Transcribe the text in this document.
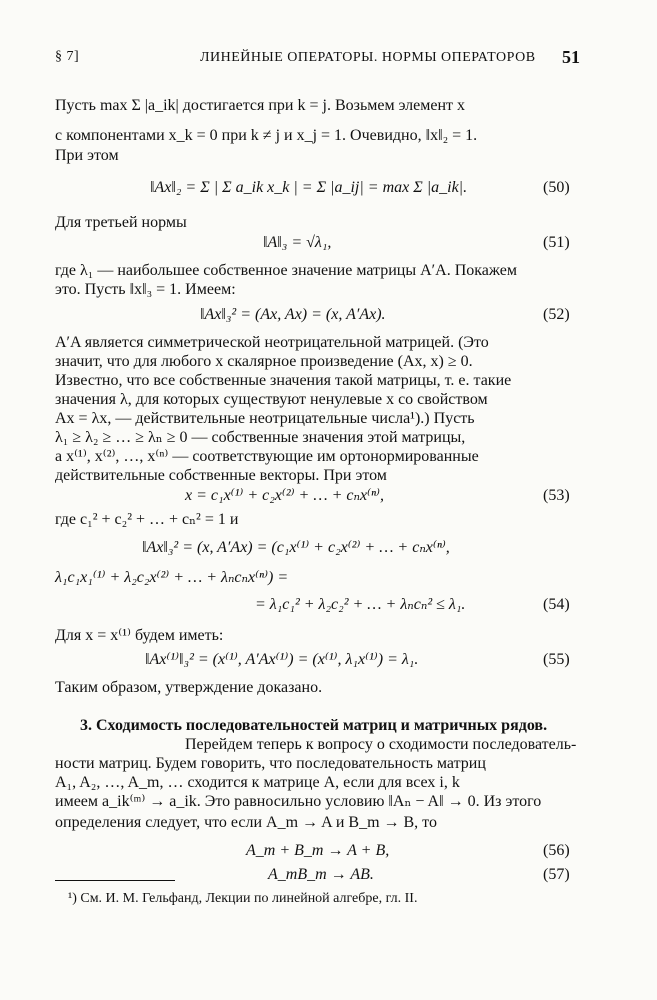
§ 7]	ЛИНЕЙНЫЕ ОПЕРАТОРЫ. НОРМЫ ОПЕРАТОРОВ 51
Пусть max Σ |a_ik| достигается при k = j. Возьмем элемент x
с компонентами x_k = 0 при k ≠ j и x_j = 1. Очевидно, ‖x‖₂ = 1.
При этом
‖Ax‖₂ = Σ | Σ a_ik x_k | = Σ |a_ij| = max Σ |a_ik|.	(50)
Для третьей нормы
‖A‖₃ = √λ₁,	(51)
где λ₁ — наибольшее собственное значение матрицы A′A. Покажем
это. Пусть ‖x‖₃ = 1. Имеем:
‖Ax‖₃² = (Ax, Ax) = (x, A′Ax).	(52)
A′A является симметрической неотрицательной матрицей. (Это
значит, что для любого x скалярное произведение (Ax, x) ≥ 0.
Известно, что все собственные значения такой матрицы, т. е. такие
значения λ, для которых существуют ненулевые x со свойством
Ax = λx, — действительные неотрицательные числа¹).) Пусть
λ₁ ≥ λ₂ ≥ … ≥ λₙ ≥ 0 — собственные значения этой матрицы,
a x⁽¹⁾, x⁽²⁾, …, x⁽ⁿ⁾ — соответствующие им ортонормированные
действительные собственные векторы. При этом
x = c₁x⁽¹⁾ + c₂x⁽²⁾ + … + cₙx⁽ⁿ⁾,	(53)
где c₁² + c₂² + … + cₙ² = 1 и
‖Ax‖₃² = (x, A′Ax) = (c₁x⁽¹⁾ + c₂x⁽²⁾ + … + cₙx⁽ⁿ⁾,
λ₁c₁x₁⁽¹⁾ + λ₂c₂x⁽²⁾ + … + λₙcₙx⁽ⁿ⁾) =
= λ₁c₁² + λ₂c₂² + … + λₙcₙ² ≤ λ₁.	(54)
Для x = x⁽¹⁾ будем иметь:
‖Ax⁽¹⁾‖₃² = (x⁽¹⁾, A′Ax⁽¹⁾) = (x⁽¹⁾, λ₁x⁽¹⁾) = λ₁.	(55)
Таким образом, утверждение доказано.
3. Сходимость последовательностей матриц и матричных рядов.
Перейдем теперь к вопросу о сходимости последователь-
ности матриц. Будем говорить, что последовательность матриц
A₁, A₂, …, A_m, … сходится к матрице A, если для всех i, k
имеем a_ik⁽ᵐ⁾ → a_ik. Это равносильно условию ‖Aₙ − A‖ → 0. Из этого
определения следует, что если A_m → A и B_m → B, то
A_m + B_m → A + B,	(56)
A_mB_m → AB.	(57)
¹) См. И. М. Гельфанд, Лекции по линейной алгебре, гл. II.
